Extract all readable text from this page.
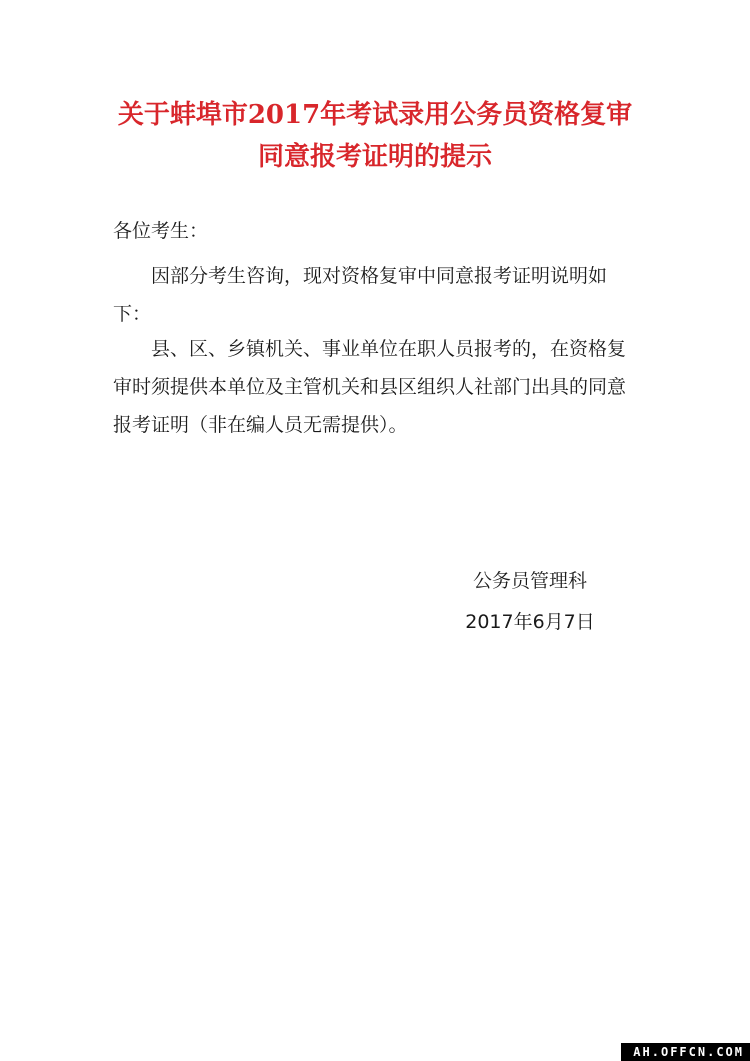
关于蚌埠市2017年考试录用公务员资格复审
同意报考证明的提示
各位考生：
因部分考生咨询，现对资格复审中同意报考证明说明如下：
县、区、乡镇机关、事业单位在职人员报考的，在资格复审时须提供本单位及主管机关和县区组织人社部门出具的同意报考证明（非在编人员无需提供）。
公务员管理科
2017年6月7日
AH.OFFCN.COM
